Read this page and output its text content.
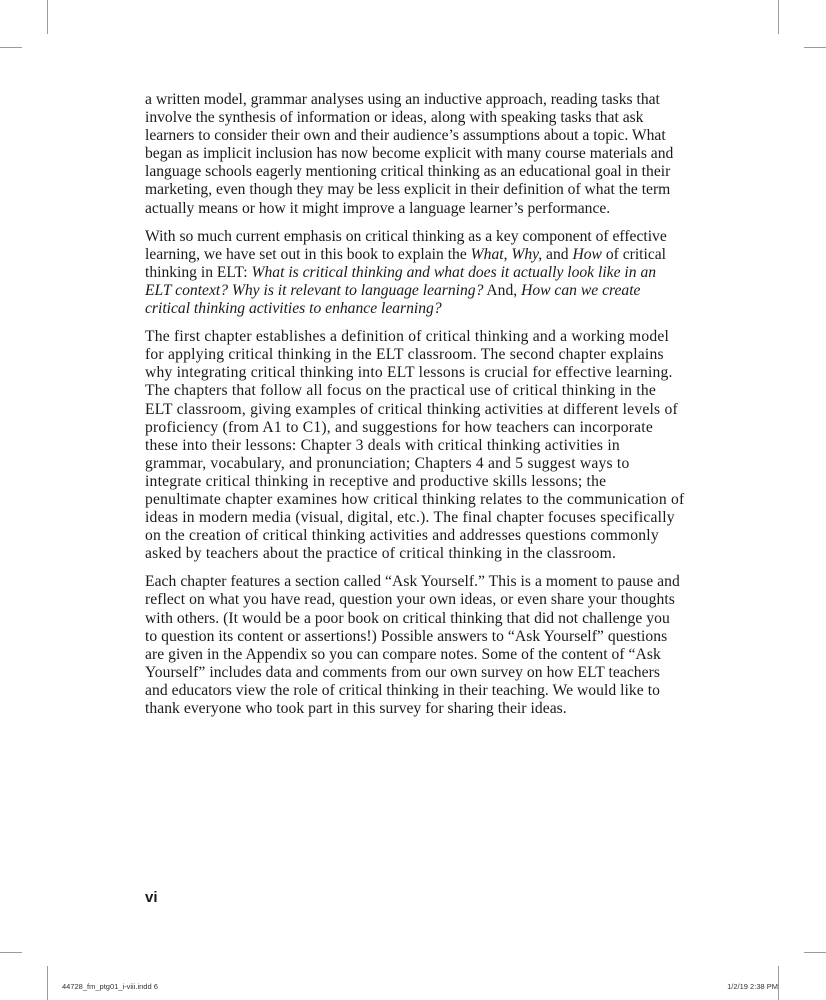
a written model, grammar analyses using an inductive approach, reading tasks that involve the synthesis of information or ideas, along with speaking tasks that ask learners to consider their own and their audience’s assumptions about a topic. What began as implicit inclusion has now become explicit with many course materials and language schools eagerly mentioning critical thinking as an educational goal in their marketing, even though they may be less explicit in their definition of what the term actually means or how it might improve a language learner’s performance.

With so much current emphasis on critical thinking as a key component of effective learning, we have set out in this book to explain the What, Why, and How of critical thinking in ELT: What is critical thinking and what does it actually look like in an ELT context? Why is it relevant to language learning? And, How can we create critical thinking activities to enhance learning?

The first chapter establishes a definition of critical thinking and a working model for applying critical thinking in the ELT classroom. The second chapter explains why integrating critical thinking into ELT lessons is crucial for effective learning. The chapters that follow all focus on the practical use of critical thinking in the ELT classroom, giving examples of critical thinking activities at different levels of proficiency (from A1 to C1), and suggestions for how teachers can incorporate these into their lessons: Chapter 3 deals with critical thinking activities in grammar, vocabulary, and pronunciation; Chapters 4 and 5 suggest ways to integrate critical thinking in receptive and productive skills lessons; the penultimate chapter examines how critical thinking relates to the communication of ideas in modern media (visual, digital, etc.). The final chapter focuses specifically on the creation of critical thinking activities and addresses questions commonly asked by teachers about the practice of critical thinking in the classroom.

Each chapter features a section called “Ask Yourself.” This is a moment to pause and reflect on what you have read, question your own ideas, or even share your thoughts with others. (It would be a poor book on critical thinking that did not challenge you to question its content or assertions!) Possible answers to “Ask Yourself” questions are given in the Appendix so you can compare notes. Some of the content of “Ask Yourself” includes data and comments from our own survey on how ELT teachers and educators view the role of critical thinking in their teaching. We would like to thank everyone who took part in this survey for sharing their ideas.

vi
44728_fm_ptg01_i-viii.indd 6	1/2/19 2:38 PM
